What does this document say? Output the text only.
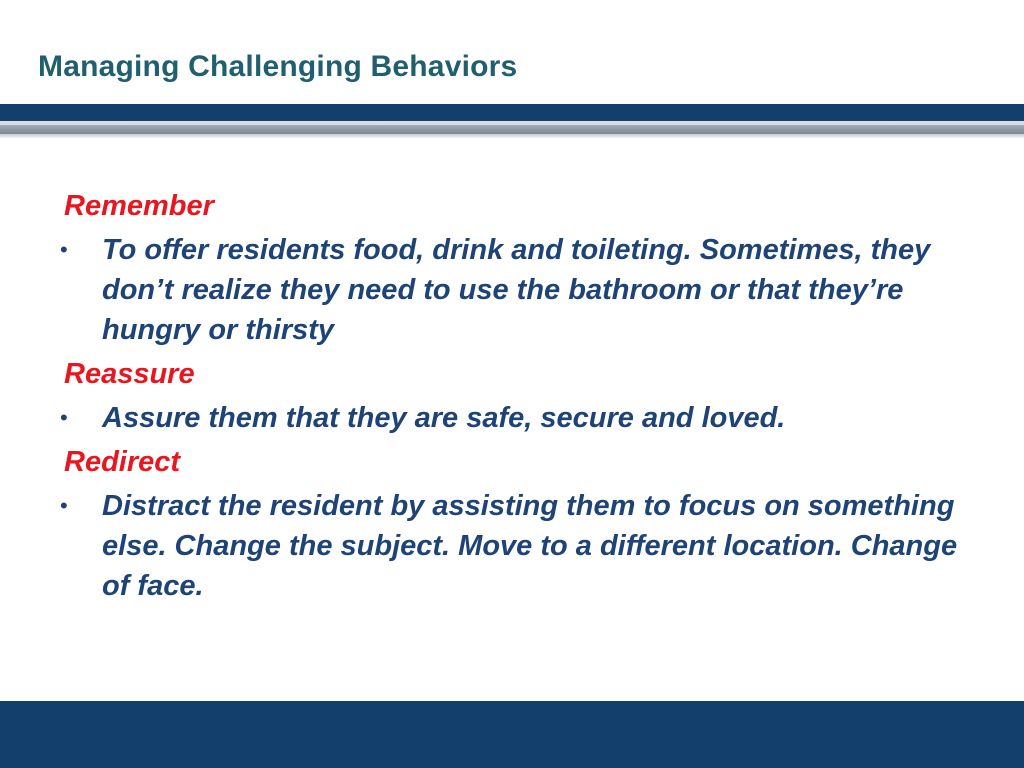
Managing Challenging Behaviors
Remember
• To offer residents food, drink and toileting. Sometimes, they don’t realize they need to use the bathroom or that they’re hungry or thirsty
Reassure
• Assure them that they are safe, secure and loved.
Redirect
• Distract the resident by assisting them to focus on something else. Change the subject. Move to a different location. Change of face.
